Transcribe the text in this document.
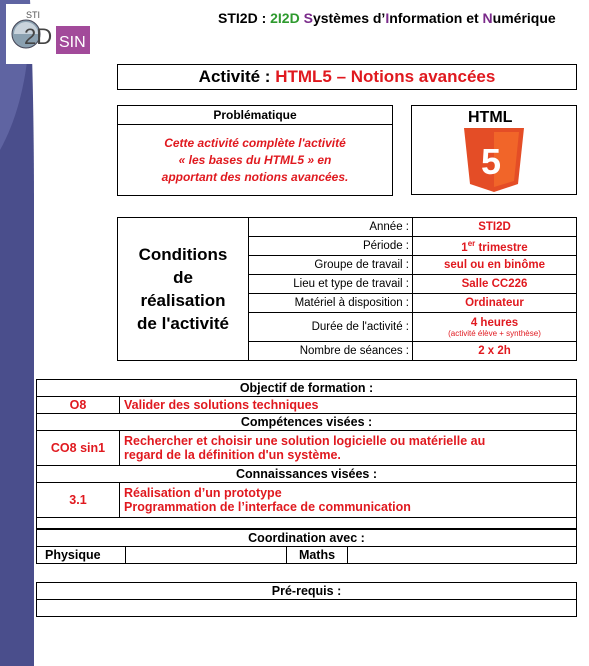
STI
2D SIN
STI2D : 2I2D Systèmes d’Information et Numérique
Activité : HTML5 – Notions avancées
Problématique

Cette activité complète l'activité
« les bases du HTML5 » en
apportant des notions avancées.
HTML
5
Conditions
de
réalisation
de l'activité	Année :	STI2D
	Période :	1er trimestre
	Groupe de travail :	seul ou en binôme
	Lieu et type de travail :	Salle CC226
	Matériel à disposition :	Ordinateur
	Durée de l'activité :	4 heures
(activité élève + synthèse)

	Nombre de séances :	2 x 2h
Objectif de formation :	
O8	Valider des solutions techniques
Compétences visées :	
CO8 sin1	Rechercher et choisir une solution logicielle ou matérielle au
regard de la définition d'un système.

Connaissances visées :	
3.1	Réalisation d’un prototype
Programmation de l’interface de communication

Coordination avec :
Physique		Maths	
Pré-requis :
